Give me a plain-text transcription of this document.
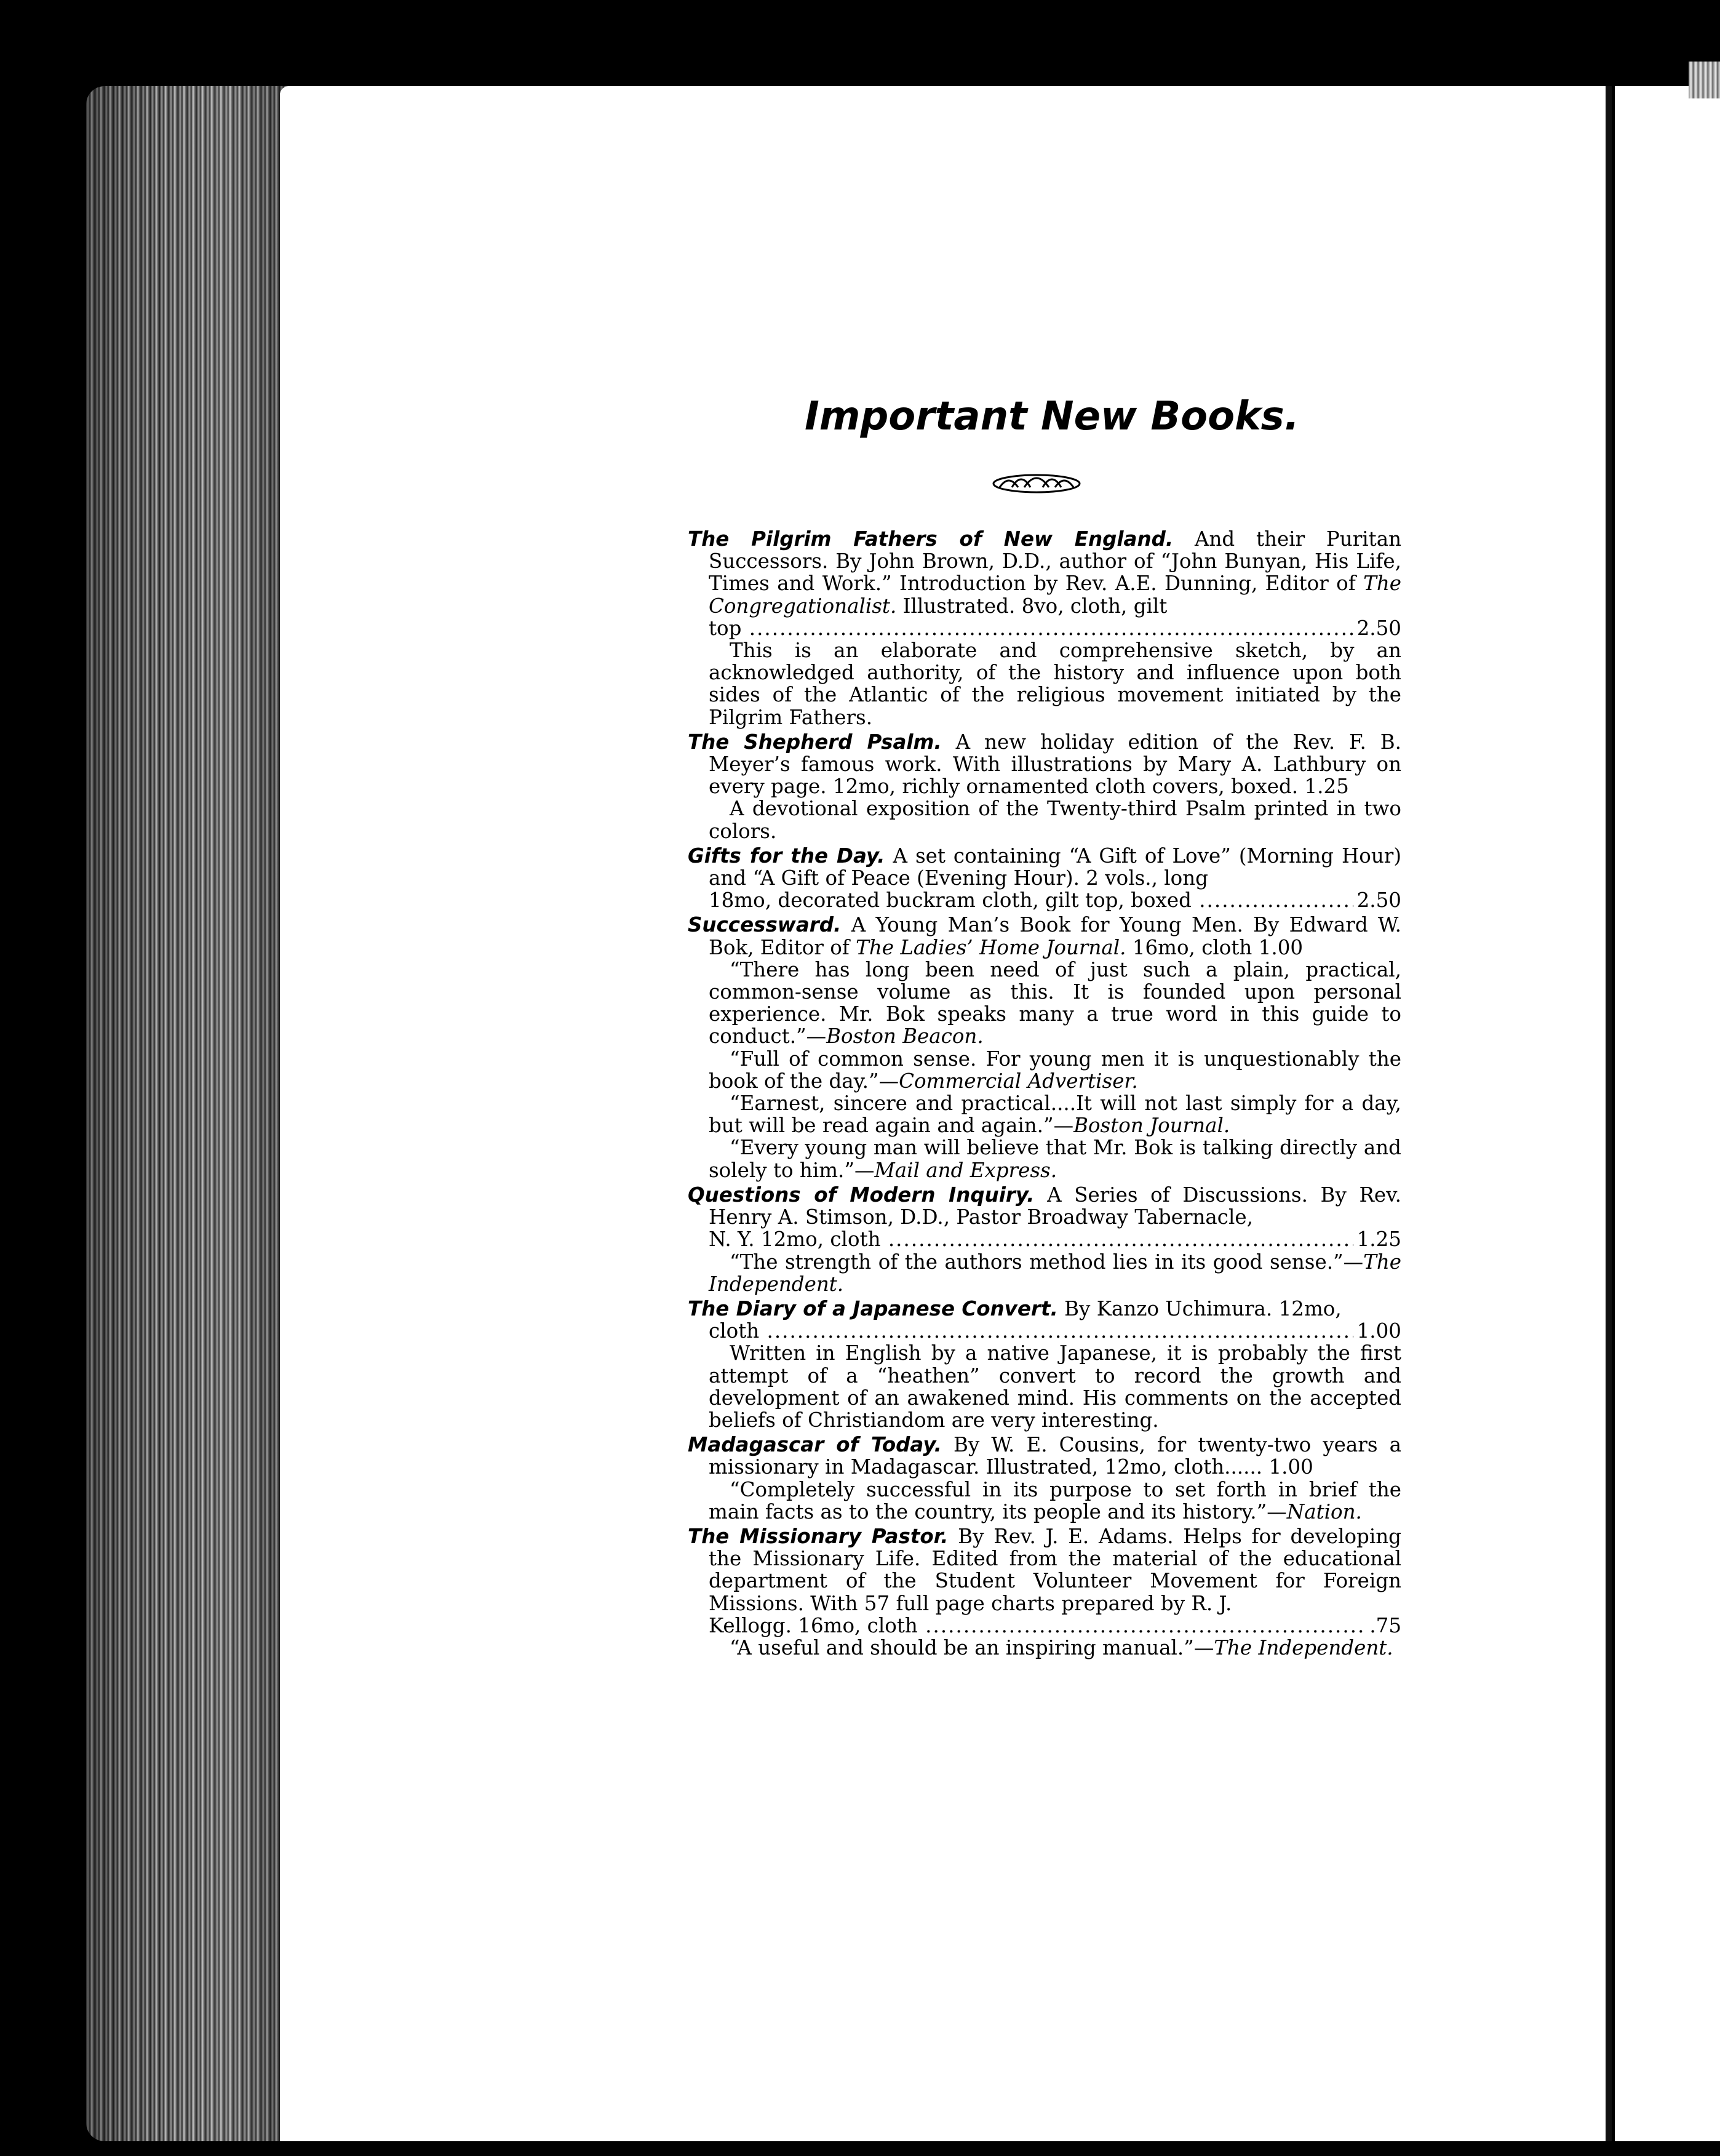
Important New Books.

The Pilgrim Fathers of New England. And their Puritan Successors. By John Brown, D.D., author of “John Bunyan, His Life, Times and Work.” Introduction by Rev. A.E. Dunning, Editor of The Congregationalist. Illustrated. 8vo, cloth, gilt

top .....	2.50

This is an elaborate and comprehensive sketch, by an acknowledged authority, of the history and influence upon both sides of the Atlantic of the religious movement initiated by the Pilgrim Fathers.

The Shepherd Psalm. A new holiday edition of the Rev. F. B. Meyer’s famous work. With illustrations by Mary A. Lathbury on every page. 12mo, richly ornamented cloth covers, boxed. 1.25

A devotional exposition of the Twenty-third Psalm printed in two colors.

Gifts for the Day. A set containing “A Gift of Love” (Morning Hour) and “A Gift of Peace (Evening Hour). 2 vols., long

18mo, decorated buckram cloth, gilt top, boxed .....	2.50

Successward. A Young Man’s Book for Young Men. By Edward W. Bok, Editor of The Ladies’ Home Journal. 16mo, cloth 1.00

“There has long been need of just such a plain, practical, common-sense volume as this. It is founded upon personal experience. Mr. Bok speaks many a true word in this guide to conduct.”—Boston Beacon.

“Full of common sense. For young men it is unquestionably the book of the day.”—Commercial Advertiser.

“Earnest, sincere and practical....It will not last simply for a day, but will be read again and again.”—Boston Journal.

“Every young man will believe that Mr. Bok is talking directly and solely to him.”—Mail and Express.

Questions of Modern Inquiry. A Series of Discussions. By Rev. Henry A. Stimson, D.D., Pastor Broadway Tabernacle,

N. Y. 12mo, cloth .....	1.25

“The strength of the authors method lies in its good sense.”—The Independent.

The Diary of a Japanese Convert. By Kanzo Uchimura. 12mo,

cloth .....	1.00

Written in English by a native Japanese, it is probably the first attempt of a “heathen” convert to record the growth and development of an awakened mind. His comments on the accepted beliefs of Christiandom are very interesting.

Madagascar of Today. By W. E. Cousins, for twenty-two years a missionary in Madagascar. Illustrated, 12mo, cloth...... 1.00

“Completely successful in its purpose to set forth in brief the main facts as to the country, its people and its history.”—Nation.

The Missionary Pastor. By Rev. J. E. Adams. Helps for developing the Missionary Life. Edited from the material of the educational department of the Student Volunteer Movement for Foreign Missions. With 57 full page charts prepared by R. J.

Kellogg. 16mo, cloth .....	.75

“A useful and should be an inspiring manual.”—The Independent.
